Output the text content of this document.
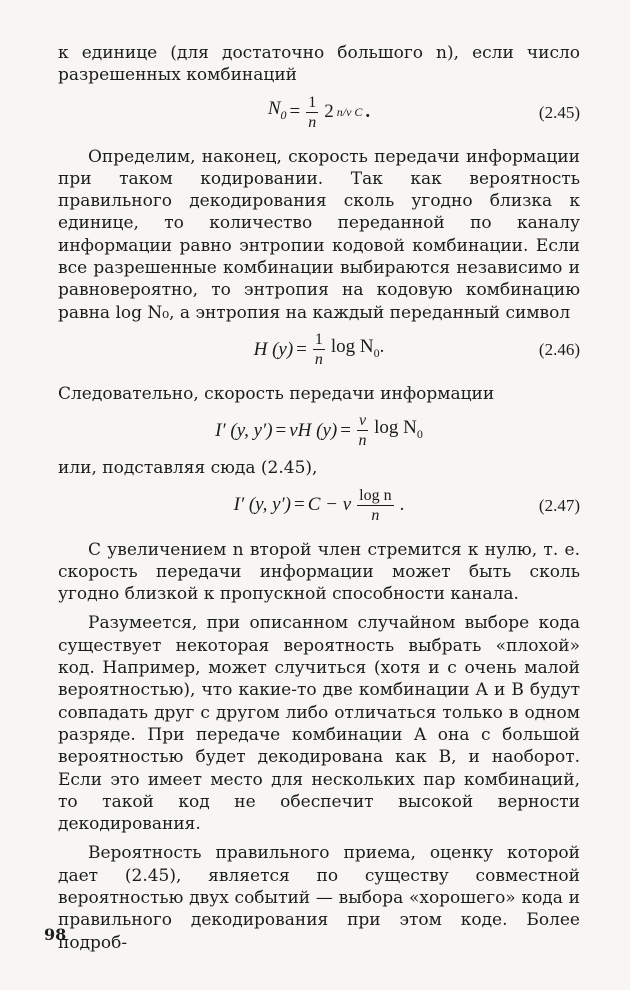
к единице (для достаточно большого n), если число разрешенных комбинаций

$N_0 = \frac{1}{n} 2$ n/v C .	(2.45)

Определим, наконец, скорость передачи информации при таком кодировании. Так как вероятность правильного декодирования сколь угодно близка к единице, то количество переданной по каналу информации равно энтропии кодовой комбинации. Если все разрешенные комбинации выбираются независимо и равновероятно, то энтропия на кодовую комбинацию равна log N₀, а энтропия на каждый переданный символ

H $(y) = \frac{1}{n}$ $\log N_0$.	(2.46)

Следовательно, скорость передачи информации

I′ (y, y′) = vH $(y) = \frac{v}{n}$ $\log N_0$

или, подставляя сюда (2.45),

I′ (y, y′) = C − v $\frac{\text{log n}}{n}$ .	(2.47)

С увеличением n второй член стремится к нулю, т. е. скорость передачи информации может быть сколь угодно близкой к пропускной способности канала.

Разумеется, при описанном случайном выборе кода существует некоторая вероятность выбрать «плохой» код. Например, может случиться (хотя и с очень малой вероятностью), что какие-то две комбинации A и B будут совпадать друг с другом либо отличаться только в одном разряде. При передаче комбинации A она с большой вероятностью будет декодирована как B, и наоборот. Если это имеет место для нескольких пар комбинаций, то такой код не обеспечит высокой верности декодирования.

Вероятность правильного приема, оценку которой дает (2.45), является по существу совместной вероятностью двух событий — выбора «хорошего» кода и правильного декодирования при этом коде. Более подроб-

98
